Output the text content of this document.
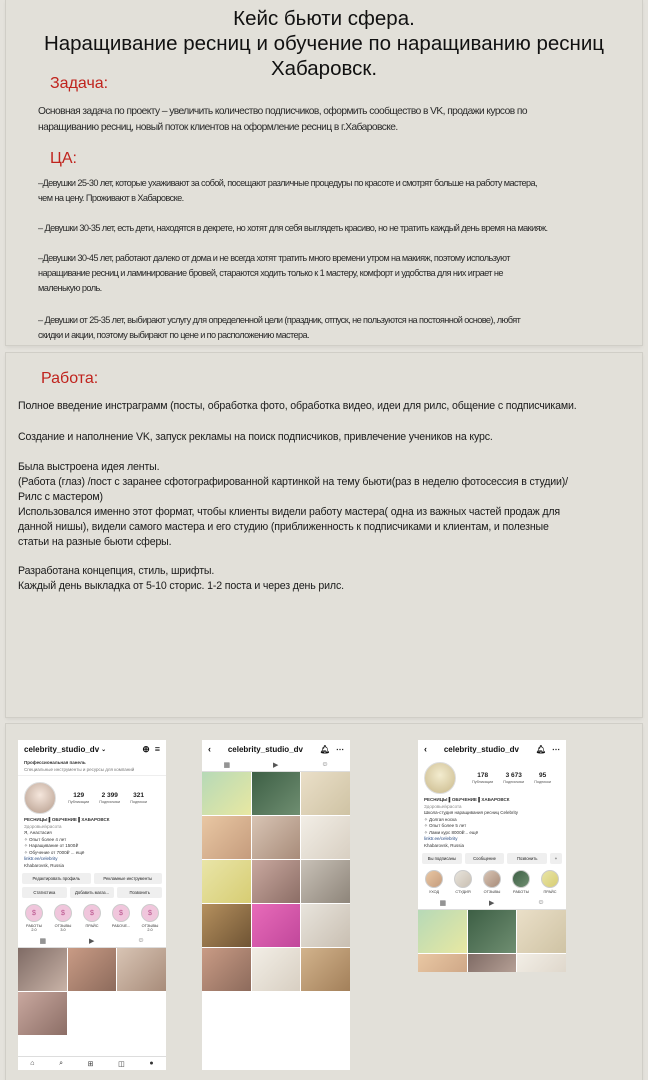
Кейс бьюти сфера.
Наращивание ресниц и обучение по наращиванию ресниц
Хабаровск.
Задача:
Основная задача по проекту – увеличить количество подписчиков, оформить сообщество в VK, продажи курсов по
наращиванию ресниц, новый поток клиентов на оформление ресниц в г.Хабаровске.
ЦА:
–Девушки 25-30 лет, которые ухаживают за собой, посещают различные процедуры по красоте и смотрят больше на работу мастера,
чем на цену. Проживают в Хабаровске.
– Девушки 30-35 лет, есть дети, находятся в декрете, но хотят для себя выглядеть красиво, но не тратить каждый день время на макияж.
–Девушки 30-45 лет, работают далеко от дома и не всегда хотят тратить много времени утром на макияж, поэтому используют
наращивание ресниц и ламинирование бровей, стараются ходить только к 1 мастеру, комфорт и удобства для них играет не
маленькую роль.
– Девушки от 25-35 лет, выбирают услугу для определенной цели (праздник, отпуск, не пользуются на постоянной основе), любят
скидки и акции, поэтому выбирают по цене и по расположению мастера.
Работа:
Полное введение инстраграмм (посты, обработка фото, обработка видео, идеи для рилс, общение с подписчиками.
Создание и наполнение VK, запуск рекламы на поиск подписчиков, привлечение учеников на курс.
Была выстроена идея ленты.
(Работа (глаз) /пост с заранее сфотографированной картинкой на тему бьюти(раз в неделю фотосессия в студии)/
Рилс с мастером)
Использовался именно этот формат, чтобы клиенты видели работу мастера( одна из важных частей продаж для
данной нишы), видели самого мастера и его студию (приближенность к подписчиками и клиентам, и полезные
статьи на разные бьюти сферы.
Разработана концепция, стиль, шрифты.
Каждый день выкладка от 5-10 сторис. 1-2 поста и через день рилс.
celebrity_studio_dv ⌄	⊕ ≡
Профессиональная панель
Специальные инструменты и ресурсы для компаний
129
Публикации
2 399
Подписчики
321
Подписки
РЕСНИЦЫ ▌ОБУЧЕНИЕ ▌ХАБАРОВСК
Здоровье/красота
Я, Анастасия
✧ Опыт более 4 лет
✧ Наращивание от 1500₽
✧ Обучение от 7000₽ ... ещё
linktr.ee/celebrity
Khabarovsk, Russia
Редактировать профиль	Рекламные инструменты
Статистика	Добавить магаз...	Позвонить
$
РАБОТЫ 2.0
$
ОТЗЫВЫ 3.0
$
ПРАЙС
$
РАБОЧЕ...
$
ОТЗЫВЫ 2.0
▦	▶	☺
⌂	⌕	⊞	◫	●
‹	celebrity_studio_dv	🔔︎ ⋯
▦	▶	☺
‹	celebrity_studio_dv	🔔︎ ⋯
178
Публикации
3 673
Подписчики
95
Подписки
РЕСНИЦЫ ▌ОБУЧЕНИЕ ▌ХАБАРОВСК
Здоровье/красота
Школа-студия наращивания ресниц Celebrity
✧ Долгая носка
✧ Опыт более 5 лет
✧ Лами курс 8000₽... ещё
linktr.ee/celebrity
Khabarovsk, Russia
Вы подписаны	Сообщение	Позвонить	+
УХОД	СТУДИЯ	ОТЗЫВЫ	РАБОТЫ	ПРАЙС
▦	▶	☺
